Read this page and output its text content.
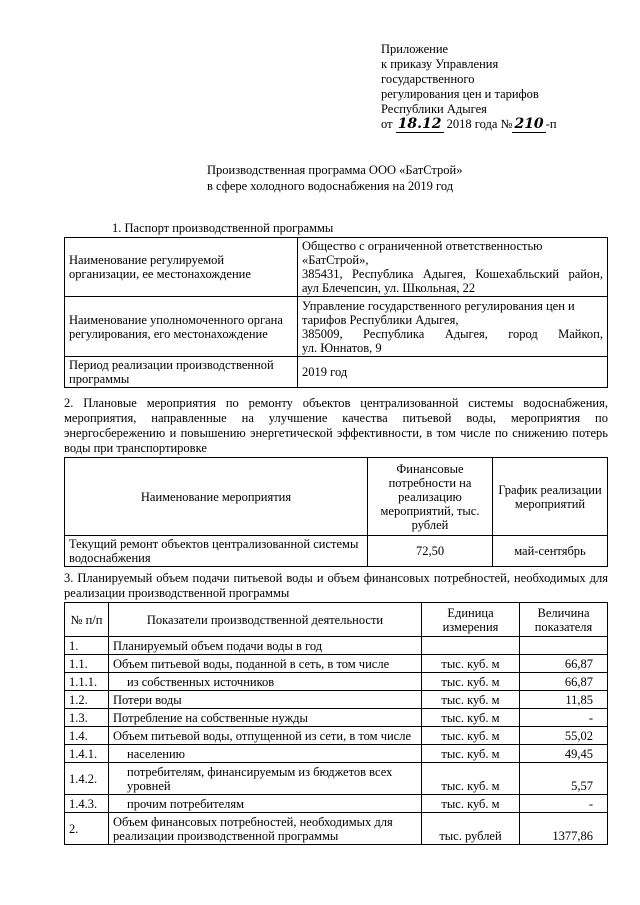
Приложение
к приказу Управления
государственного
регулирования цен и тарифов
Республики Адыгея
от 18.12 2018 года № 210 -п
Производственная программа ООО «БатСтрой»
в сфере холодного водоснабжения на 2019 год
1. Паспорт производственной программы
Наименование регулируемой организации, ее местонахождение	Общество с ограниченной ответственностью «БатСтрой»,
385431, Республика Адыгея, Кошехабльский район,
аул Блечепсин, ул. Школьная, 22

Наименование уполномоченного органа регулирования, его местонахождение	Управление государственного регулирования цен и тарифов Республики Адыгея,
385009, Республика Адыгея, город Майкоп,
ул. Юннатов, 9

Период реализации производственной программы	2019 год
2. Плановые мероприятия по ремонту объектов централизованной системы водоснабжения, мероприятия, направленные на улучшение качества питьевой воды, мероприятия по энергосбережению и повышению энергетической эффективности, в том числе по снижению потерь воды при транспортировке
Наименование мероприятия	Финансовые потребности на реализацию мероприятий, тыс. рублей	График реализации мероприятий
Текущий ремонт объектов централизованной системы водоснабжения	72,50	май-сентябрь
3. Планируемый объем подачи питьевой воды и объем финансовых потребностей, необходимых для реализации производственной программы
№ п/п	Показатели производственной деятельности	Единица измерения	Величина показателя
1.	Планируемый объем подачи воды в год		
1.1.	Объем питьевой воды, поданной в сеть, в том числе	тыс. куб. м	66,87
1.1.1.	из собственных источников	тыс. куб. м	66,87
1.2.	Потери воды	тыс. куб. м	11,85
1.3.	Потребление на собственные нужды	тыс. куб. м	-
1.4.	Объем питьевой воды, отпущенной из сети, в том числе	тыс. куб. м	55,02
1.4.1.	населению	тыс. куб. м	49,45
1.4.2.	потребителям, финансируемым из бюджетов всех уровней	тыс. куб. м	5,57
1.4.3.	прочим потребителям	тыс. куб. м	-
2.	Объем финансовых потребностей, необходимых для реализации производственной программы	тыс. рублей	1377,86
